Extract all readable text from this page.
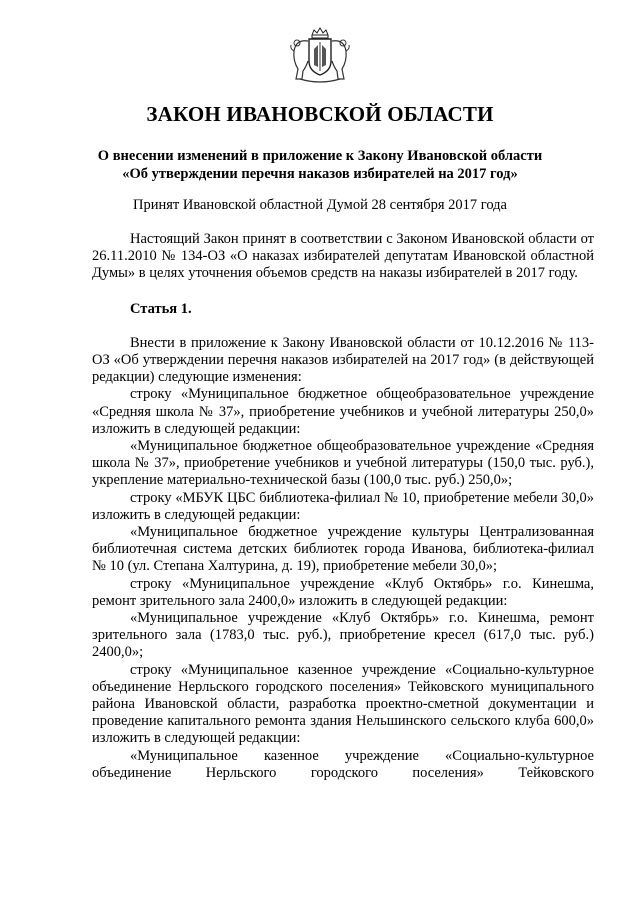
ЗАКОН ИВАНОВСКОЙ ОБЛАСТИ
О внесении изменений в приложение к Закону Ивановской области
«Об утверждении перечня наказов избирателей на 2017 год»
Принят Ивановской областной Думой 28 сентября 2017 года

Настоящий Закон принят в соответствии с Законом Ивановской области от 26.11.2010 № 134-ОЗ «О наказах избирателей депутатам Ивановской областной Думы» в целях уточнения объемов средств на наказы избирателей в 2017 году.

Статья 1.

Внести в приложение к Закону Ивановской области от 10.12.2016 № 113-ОЗ «Об утверждении перечня наказов избирателей на 2017 год» (в действующей редакции) следующие изменения:

строку «Муниципальное бюджетное общеобразовательное учреждение «Средняя школа № 37», приобретение учебников и учебной литературы 250,0» изложить в следующей редакции:

«Муниципальное бюджетное общеобразовательное учреждение «Средняя школа № 37», приобретение учебников и учебной литературы (150,0 тыс. руб.), укрепление материально-технической базы (100,0 тыс. руб.) 250,0»;

строку «МБУК ЦБС библиотека-филиал № 10, приобретение мебели 30,0» изложить в следующей редакции:

«Муниципальное бюджетное учреждение культуры Централизованная библиотечная система детских библиотек города Иванова, библиотека-филиал № 10 (ул. Степана Халтурина, д. 19), приобретение мебели 30,0»;

строку «Муниципальное учреждение «Клуб Октябрь» г.о. Кинешма, ремонт зрительного зала 2400,0» изложить в следующей редакции:

«Муниципальное учреждение «Клуб Октябрь» г.о. Кинешма, ремонт зрительного зала (1783,0 тыс. руб.), приобретение кресел (617,0 тыс. руб.) 2400,0»;

строку «Муниципальное казенное учреждение «Социально-культурное объединение Нерльского городского поселения» Тейковского муниципального района Ивановской области, разработка проектно-сметной документации и проведение капитального ремонта здания Нельшинского сельского клуба 600,0» изложить в следующей редакции:

«Муниципальное казенное учреждение «Социально-культурное объединение Нерльского городского поселения» Тейковского
